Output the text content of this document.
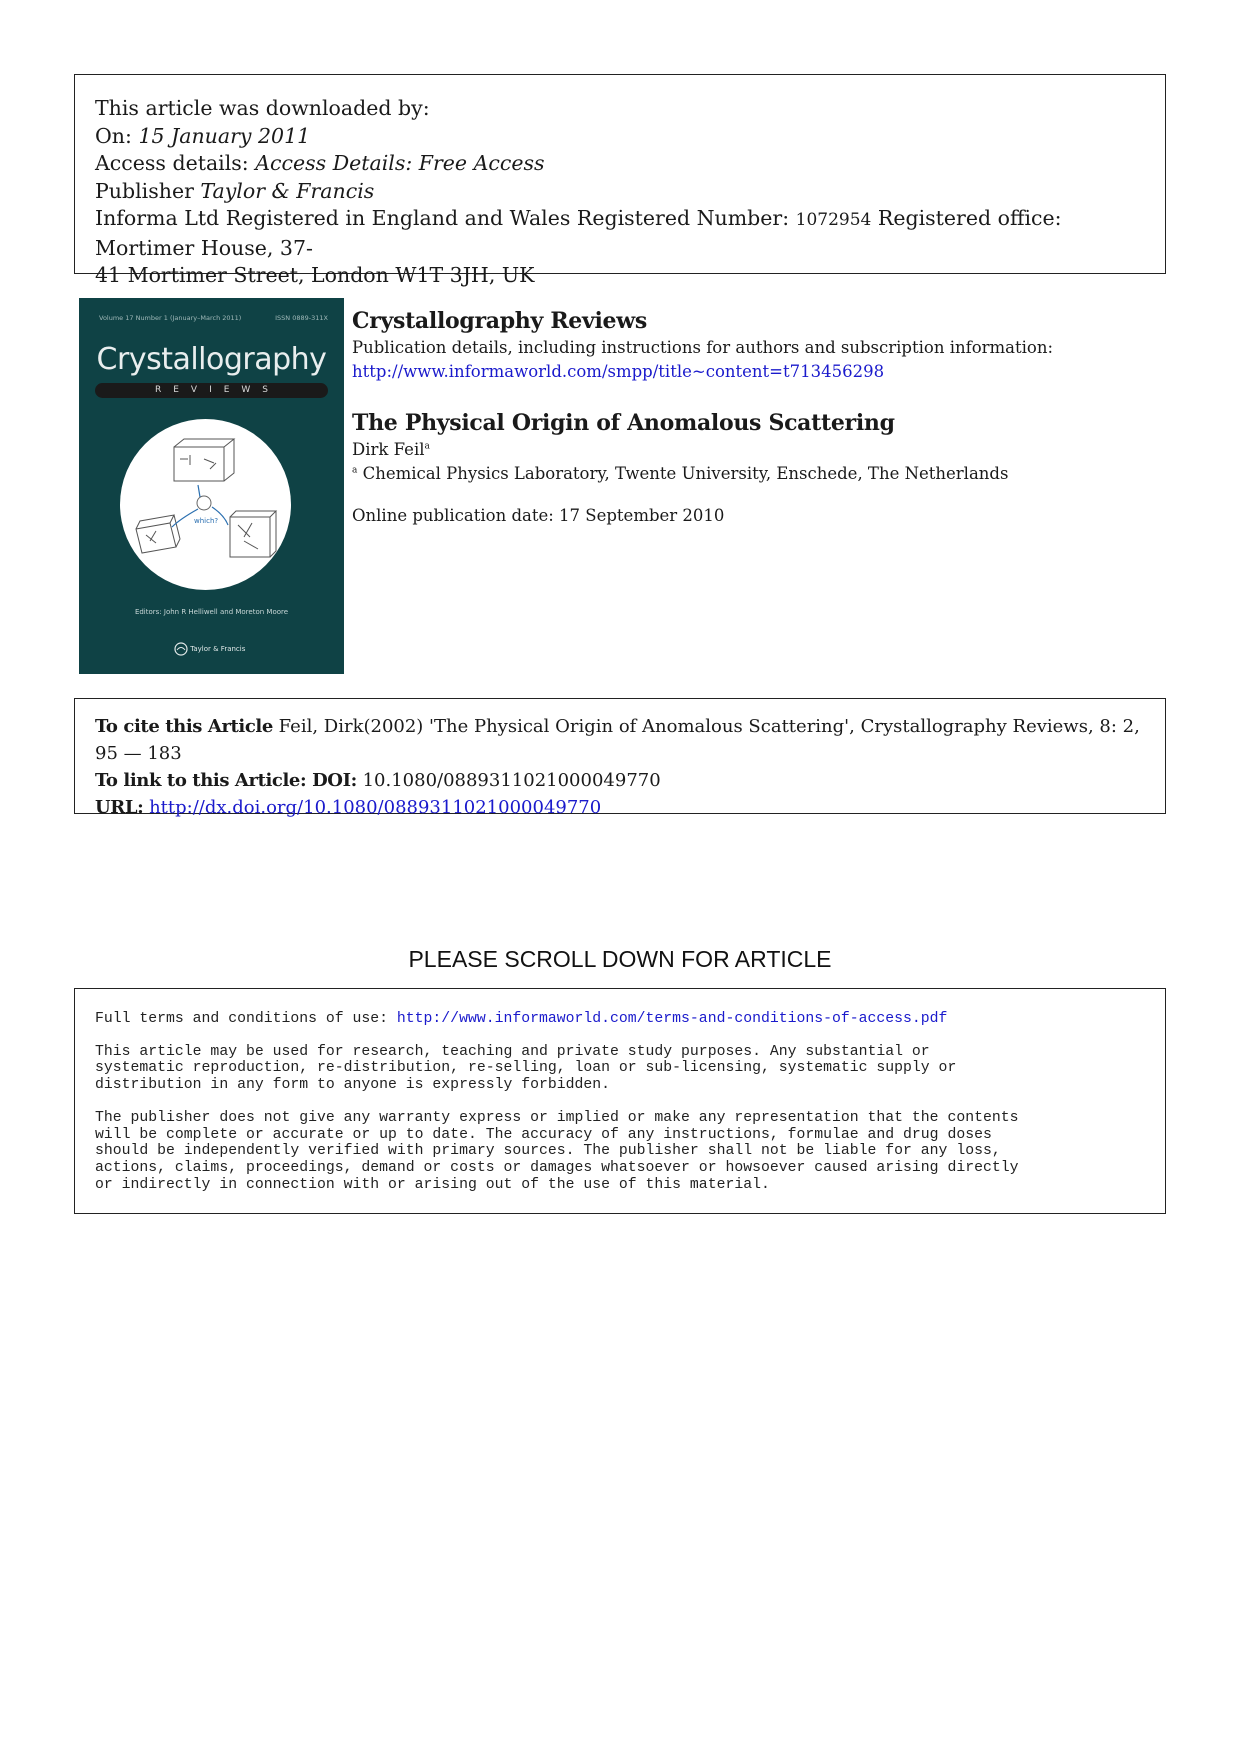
This article was downloaded by:
On: 15 January 2011
Access details: Access Details: Free Access
Publisher Taylor & Francis
Informa Ltd Registered in England and Wales Registered Number: 1072954 Registered office: Mortimer House, 37-
41 Mortimer Street, London W1T 3JH, UK
Volume 17 Number 1 (January–March 2011)	ISSN 0889-311X
Crystallography
REVIEWS
which?
Editors: John R Helliwell and Moreton Moore
Taylor & Francis
Crystallography Reviews
Publication details, including instructions for authors and subscription information:
http://www.informaworld.com/smpp/title~content=t713456298
The Physical Origin of Anomalous Scattering
Dirk Feil$^a$
$^a$ Chemical Physics Laboratory, Twente University, Enschede, The Netherlands
Online publication date: 17 September 2010
To cite this Article Feil, Dirk(2002) 'The Physical Origin of Anomalous Scattering', Crystallography Reviews, 8: 2, 95 — 183
To link to this Article: DOI: 10.1080/0889311021000049770
URL: http://dx.doi.org/10.1080/0889311021000049770
PLEASE SCROLL DOWN FOR ARTICLE

Full terms and conditions of use: http://www.informaworld.com/terms-and-conditions-of-access.pdf

This article may be used for research, teaching and private study purposes. Any substantial or
systematic reproduction, re-distribution, re-selling, loan or sub-licensing, systematic supply or
distribution in any form to anyone is expressly forbidden.

The publisher does not give any warranty express or implied or make any representation that the contents
will be complete or accurate or up to date. The accuracy of any instructions, formulae and drug doses
should be independently verified with primary sources. The publisher shall not be liable for any loss,
actions, claims, proceedings, demand or costs or damages whatsoever or howsoever caused arising directly
or indirectly in connection with or arising out of the use of this material.
